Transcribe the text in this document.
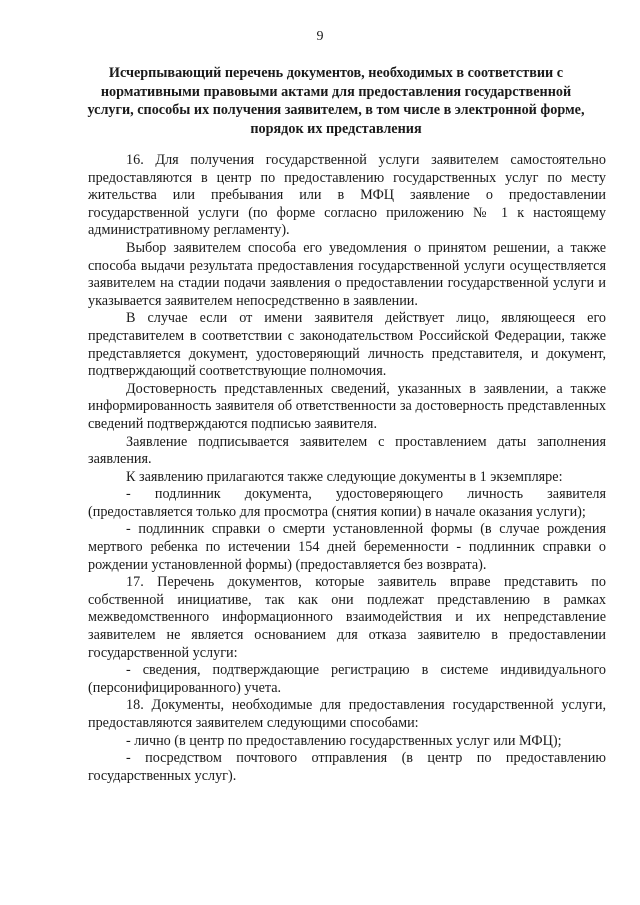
9
Исчерпывающий перечень документов, необходимых в соответствии с нормативными правовыми актами для предоставления государственной услуги, способы их получения заявителем, в том числе в электронной форме, порядок их представления

16. Для получения государственной услуги заявителем самостоятельно предоставляются в центр по предоставлению государственных услуг по месту жительства или пребывания или в МФЦ заявление о предоставлении государственной услуги (по форме согласно приложению № 1 к настоящему административному регламенту).

Выбор заявителем способа его уведомления о принятом решении, а также способа выдачи результата предоставления государственной услуги осуществляется заявителем на стадии подачи заявления о предоставлении государственной услуги и указывается заявителем непосредственно в заявлении.

В случае если от имени заявителя действует лицо, являющееся его представителем в соответствии с законодательством Российской Федерации, также представляется документ, удостоверяющий личность представителя, и документ, подтверждающий соответствующие полномочия.

Достоверность представленных сведений, указанных в заявлении, а также информированность заявителя об ответственности за достоверность представленных сведений подтверждаются подписью заявителя.

Заявление подписывается заявителем с проставлением даты заполнения заявления.

К заявлению прилагаются также следующие документы в 1 экземпляре:

- подлинник документа, удостоверяющего личность заявителя (предоставляется только для просмотра (снятия копии) в начале оказания услуги);

- подлинник справки о смерти установленной формы (в случае рождения мертвого ребенка по истечении 154 дней беременности - подлинник справки о рождении установленной формы) (предоставляется без возврата).

17. Перечень документов, которые заявитель вправе представить по собственной инициативе, так как они подлежат представлению в рамках межведомственного информационного взаимодействия и их непредставление заявителем не является основанием для отказа заявителю в предоставлении государственной услуги:

- сведения, подтверждающие регистрацию в системе индивидуального (персонифицированного) учета.

18. Документы, необходимые для предоставления государственной услуги, предоставляются заявителем следующими способами:

- лично (в центр по предоставлению государственных услуг или МФЦ);

- посредством почтового отправления (в центр по предоставлению государственных услуг).
